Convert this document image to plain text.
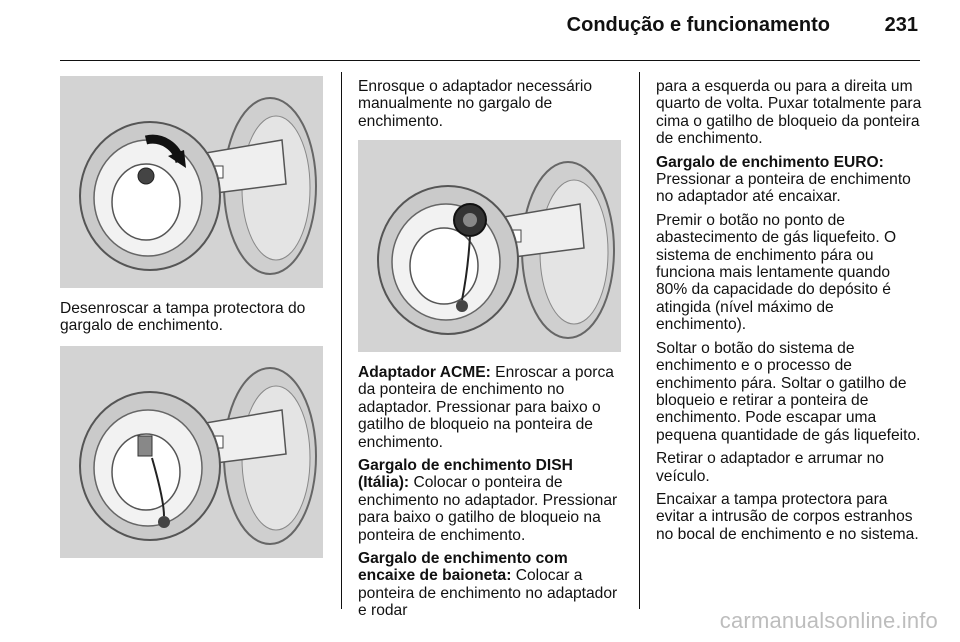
Condução e funcionamento	231

Desenroscar a tampa protectora do gargalo de enchimento.

Enrosque o adaptador necessário manualmente no gargalo de enchimento.

Adaptador ACME: Enroscar a porca da ponteira de enchimento no adaptador. Pressionar para baixo o gatilho de bloqueio na ponteira de enchimento.

Gargalo de enchimento DISH (Itália): Colocar o ponteira de enchimento no adaptador. Pressionar para baixo o gatilho de bloqueio na ponteira de enchimento.

Gargalo de enchimento com encaixe de baioneta: Colocar a ponteira de enchimento no adaptador e rodar

para a esquerda ou para a direita um quarto de volta. Puxar totalmente para cima o gatilho de bloqueio da ponteira de enchimento.

Gargalo de enchimento EURO:
Pressionar a ponteira de enchimento no adaptador até encaixar.

Premir o botão no ponto de abastecimento de gás liquefeito. O sistema de enchimento pára ou funciona mais lentamente quando 80% da capacidade do depósito é atingida (nível máximo de enchimento).

Soltar o botão do sistema de enchimento e o processo de enchimento pára. Soltar o gatilho de bloqueio e retirar a ponteira de enchimento. Pode escapar uma pequena quantidade de gás liquefeito.

Retirar o adaptador e arrumar no veículo.

Encaixar a tampa protectora para evitar a intrusão de corpos estranhos no bocal de enchimento e no sistema.

carmanualsonline.info
